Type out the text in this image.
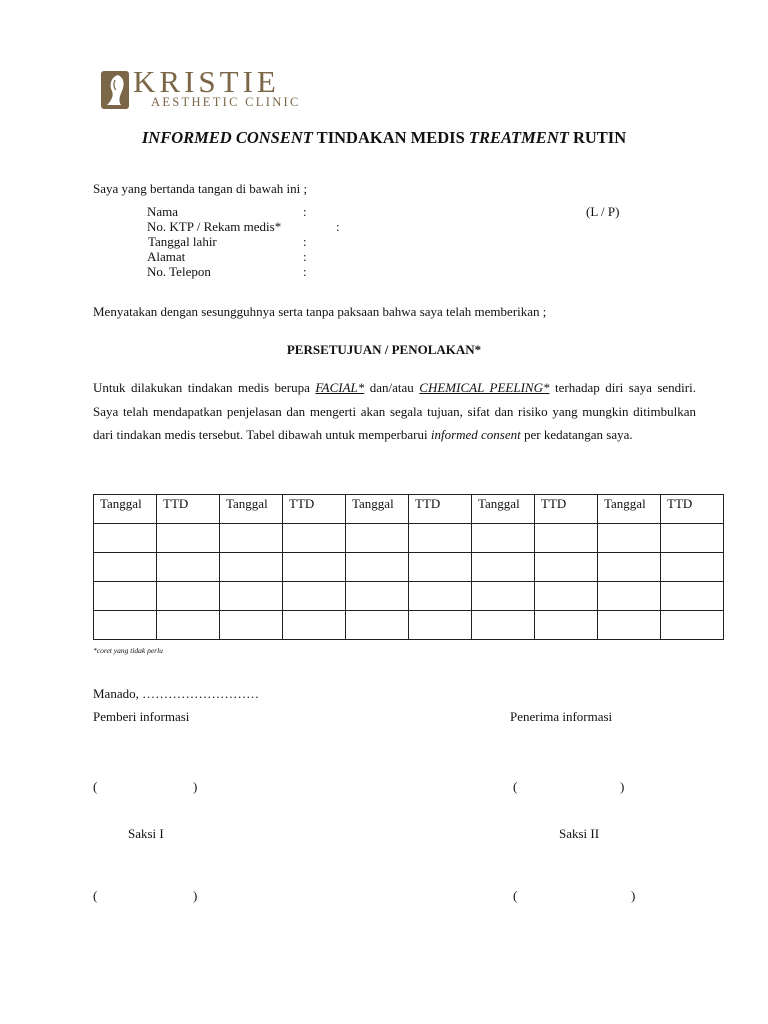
KRISTIE
AESTHETIC CLINIC
INFORMED CONSENT TINDAKAN MEDIS TREATMENT RUTIN
Saya yang bertanda tangan di bawah ini ;
Nama	:	(L / P)
No. KTP / Rekam medis*	:
Tanggal lahir	:
Alamat	:
No. Telepon	:
Menyatakan dengan sesungguhnya serta tanpa paksaan bahwa saya telah memberikan ;
PERSETUJUAN / PENOLAKAN*
Untuk dilakukan tindakan medis berupa FACIAL* dan/atau CHEMICAL PEELING* terhadap diri saya sendiri. Saya telah mendapatkan penjelasan dan mengerti akan segala tujuan, sifat dan risiko yang mungkin ditimbulkan dari tindakan medis tersebut. Tabel dibawah untuk memperbarui informed consent per kedatangan saya.
Tanggal	TTD	Tanggal	TTD	Tanggal	TTD	Tanggal	TTD	Tanggal	TTD

*coret yang tidak perlu
Manado, ………………………
Pemberi informasi	Penerima informasi
(	)	(	)
Saksi I	Saksi II
(	)	(	)
